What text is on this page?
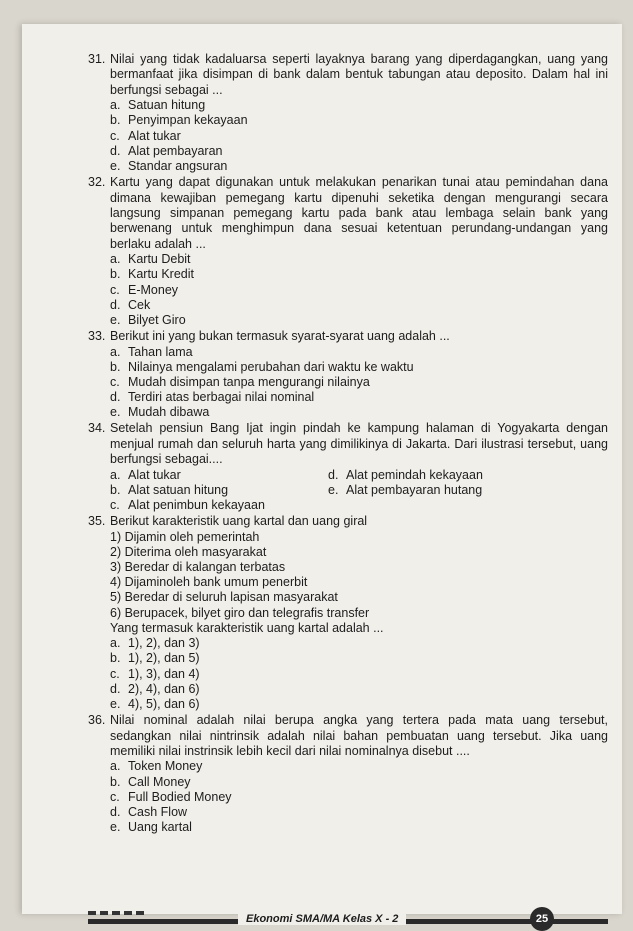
31. Nilai yang tidak kadaluarsa seperti layaknya barang yang diperdagangkan, uang yang bermanfaat jika disimpan di bank dalam bentuk tabungan atau deposito. Dalam hal ini berfungsi sebagai ...
a. Satuan hitung
b. Penyimpan kekayaan
c. Alat tukar
d. Alat pembayaran
e. Standar angsuran
32. Kartu yang dapat digunakan untuk melakukan penarikan tunai atau pemindahan dana dimana kewajiban pemegang kartu dipenuhi seketika dengan mengurangi secara langsung simpanan pemegang kartu pada bank atau lembaga selain bank yang berwenang untuk menghimpun dana sesuai ketentuan perundang-undangan yang berlaku adalah ...
a. Kartu Debit
b. Kartu Kredit
c. E-Money
d. Cek
e. Bilyet Giro
33. Berikut ini yang bukan termasuk syarat-syarat uang adalah ...
a. Tahan lama
b. Nilainya mengalami perubahan dari waktu ke waktu
c. Mudah disimpan tanpa mengurangi nilainya
d. Terdiri atas berbagai nilai nominal
e. Mudah dibawa
34. Setelah pensiun Bang Ijat ingin pindah ke kampung halaman di Yogyakarta dengan menjual rumah dan seluruh harta yang dimilikinya di Jakarta. Dari ilustrasi tersebut, uang berfungsi sebagai....
a. Alat tukar	d. Alat pemindah kekayaan
b. Alat satuan hitung	e. Alat pembayaran hutang
c. Alat penimbun kekayaan
35. Berikut karakteristik uang kartal dan uang giral
1) Dijamin oleh pemerintah
2) Diterima oleh masyarakat
3) Beredar di kalangan terbatas
4) Dijaminoleh bank umum penerbit
5) Beredar di seluruh lapisan masyarakat
6) Berupacek, bilyet giro dan telegrafis transfer
Yang termasuk karakteristik uang kartal adalah ...
a. 1), 2), dan 3)
b. 1), 2), dan 5)
c. 1), 3), dan 4)
d. 2), 4), dan 6)
e. 4), 5), dan 6)
36. Nilai nominal adalah nilai berupa angka yang tertera pada mata uang tersebut, sedangkan nilai nintrinsik adalah nilai bahan pembuatan uang tersebut. Jika uang memiliki nilai instrinsik lebih kecil dari nilai nominalnya disebut ....
a. Token Money
b. Call Money
c. Full Bodied Money
d. Cash Flow
e. Uang kartal
Ekonomi SMA/MA Kelas X - 2	25
